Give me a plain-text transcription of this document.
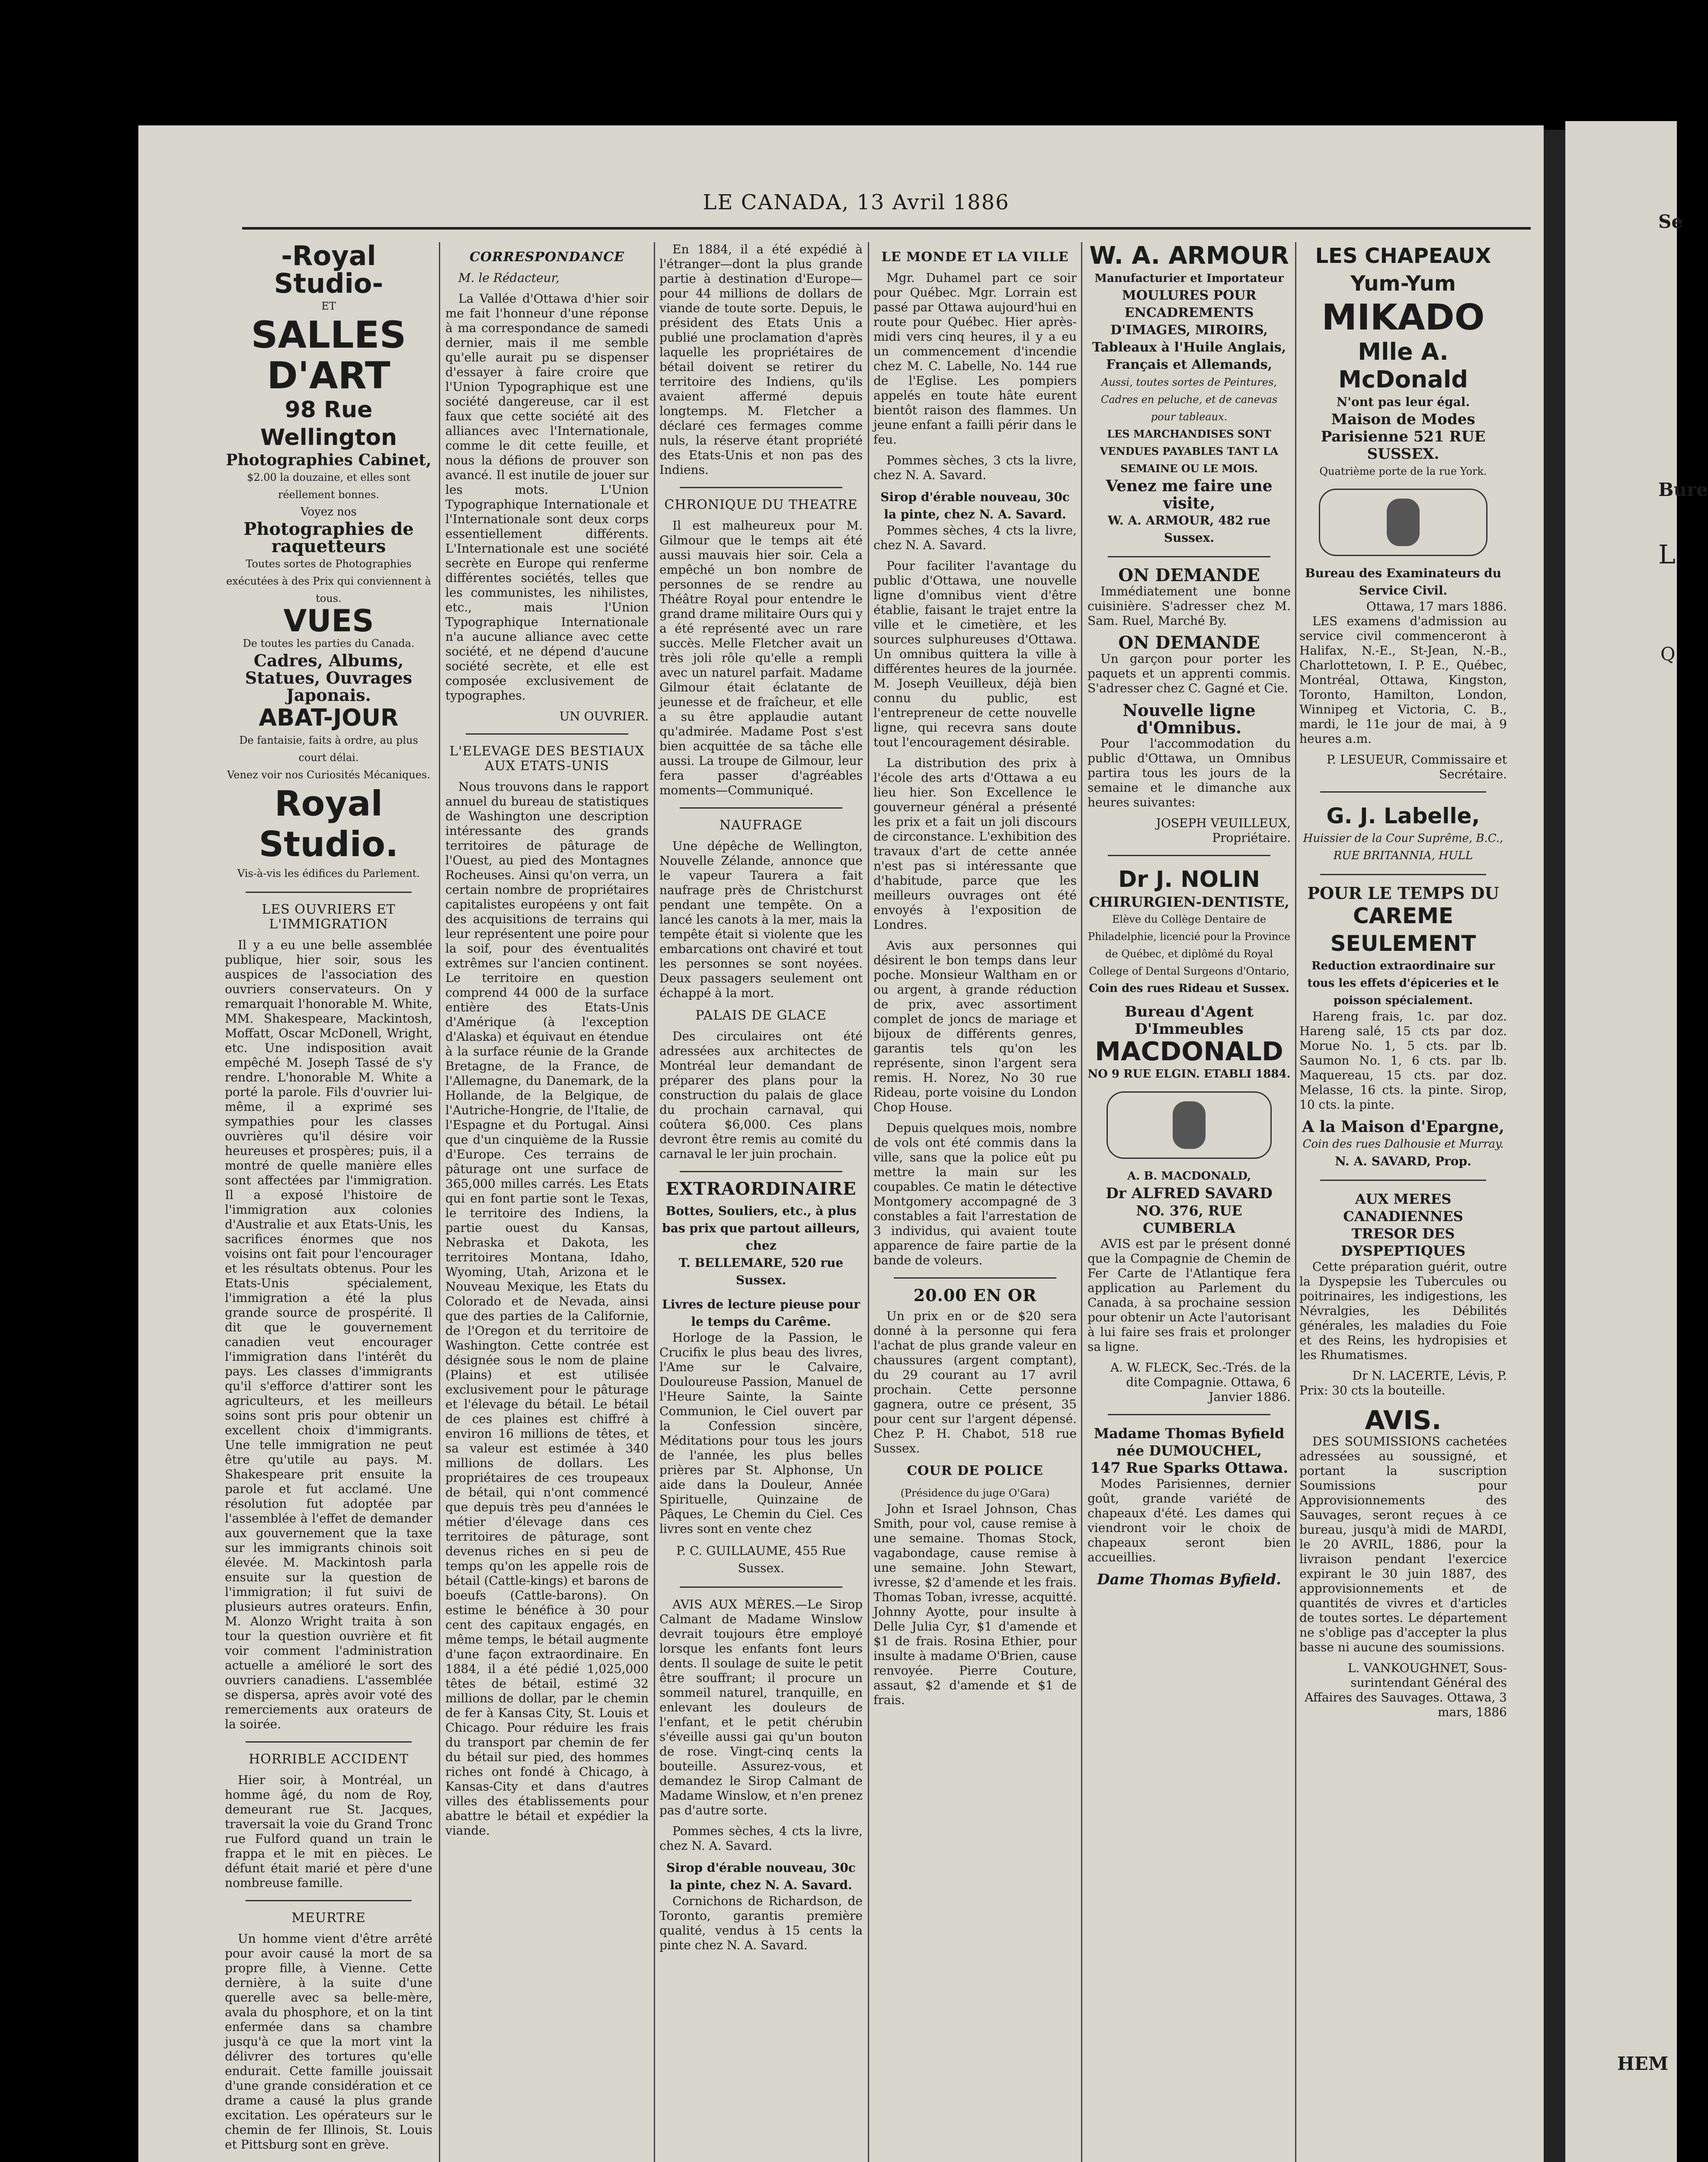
LE CANADA, 13 Avril 1886
-Royal Studio-
ET
SALLES D'ART
98 Rue Wellington
Photographies Cabinet,
$2.00 la douzaine, et elles sont réellement bonnes.
Voyez nos
Photographies de raquetteurs
Toutes sortes de Photographies exécutées à des Prix qui conviennent à tous.
VUES
De toutes les parties du Canada.
Cadres, Albums, Statues, Ouvrages Japonais.
ABAT-JOUR
De fantaisie, faits à ordre, au plus court délai.
Venez voir nos Curiosités Mécaniques.
Royal Studio.
Vis-à-vis les édifices du Parlement.
LES OUVRIERS ET L'IMMIGRATION

Il y a eu une belle assemblée publique, hier soir, sous les auspices de l'association des ouvriers conservateurs. On y remarquait l'honorable M. White, MM. Shakespeare, Mackintosh, Moffatt, Oscar McDonell, Wright, etc. Une indisposition avait empêché M. Joseph Tassé de s'y rendre. L'honorable M. White a porté la parole. Fils d'ouvrier lui-même, il a exprimé ses sympathies pour les classes ouvrières qu'il désire voir heureuses et prospères; puis, il a montré de quelle manière elles sont affectées par l'immigration. Il a exposé l'histoire de l'immigration aux colonies d'Australie et aux Etats-Unis, les sacrifices énormes que nos voisins ont fait pour l'encourager et les résultats obtenus. Pour les Etats-Unis spécialement, l'immigration a été la plus grande source de prospérité. Il dit que le gouvernement canadien veut encourager l'immigration dans l'intérêt du pays. Les classes d'immigrants qu'il s'efforce d'attirer sont les agriculteurs, et les meilleurs soins sont pris pour obtenir un excellent choix d'immigrants. Une telle immigration ne peut être qu'utile au pays. M. Shakespeare prit ensuite la parole et fut acclamé. Une résolution fut adoptée par l'assemblée à l'effet de demander aux gouvernement que la taxe sur les immigrants chinois soit élevée. M. Mackintosh parla ensuite sur la question de l'immigration; il fut suivi de plusieurs autres orateurs. Enfin, M. Alonzo Wright traita à son tour la question ouvrière et fit voir comment l'administration actuelle a amélioré le sort des ouvriers canadiens. L'assemblée se dispersa, après avoir voté des remerciements aux orateurs de la soirée.

HORRIBLE ACCIDENT

Hier soir, à Montréal, un homme âgé, du nom de Roy, demeurant rue St. Jacques, traversait la voie du Grand Tronc rue Fulford quand un train le frappa et le mit en pièces. Le défunt était marié et père d'une nombreuse famille.

MEURTRE

Un homme vient d'être arrêté pour avoir causé la mort de sa propre fille, à Vienne. Cette dernière, à la suite d'une querelle avec sa belle-mère, avala du phosphore, et on la tint enfermée dans sa chambre jusqu'à ce que la mort vint la délivrer des tortures qu'elle endurait. Cette famille jouissait d'une grande considération et ce drame a causé la plus grande excitation. Les opérateurs sur le chemin de fer Illinois, St. Louis et Pittsburg sont en grève.

CORRESPONDANCE

M. le Rédacteur,

La Vallée d'Ottawa d'hier soir me fait l'honneur d'une réponse à ma correspondance de samedi dernier, mais il me semble qu'elle aurait pu se dispenser d'essayer à faire croire que l'Union Typographique est une société dangereuse, car il est faux que cette société ait des alliances avec l'Internationale, comme le dit cette feuille, et nous la défions de prouver son avancé. Il est inutile de jouer sur les mots. L'Union Typographique Internationale et l'Internationale sont deux corps essentiellement différents. L'Internationale est une société secrète en Europe qui renferme différentes sociétés, telles que les communistes, les nihilistes, etc., mais l'Union Typographique Internationale n'a aucune alliance avec cette société, et ne dépend d'aucune société secrète, et elle est composée exclusivement de typographes.

UN OUVRIER.
L'ELEVAGE DES BESTIAUX AUX ETATS-UNIS

Nous trouvons dans le rapport annuel du bureau de statistiques de Washington une description intéressante des grands territoires de pâturage de l'Ouest, au pied des Montagnes Rocheuses. Ainsi qu'on verra, un certain nombre de propriétaires capitalistes européens y ont fait des acquisitions de terrains qui leur représentent une poire pour la soif, pour des éventualités extrêmes sur l'ancien continent. Le territoire en question comprend 44 000 de la surface entière des Etats-Unis d'Amérique (à l'exception d'Alaska) et équivaut en étendue à la surface réunie de la Grande Bretagne, de la France, de l'Allemagne, du Danemark, de la Hollande, de la Belgique, de l'Autriche-Hongrie, de l'Italie, de l'Espagne et du Portugal. Ainsi que d'un cinquième de la Russie d'Europe. Ces terrains de pâturage ont une surface de 365,000 milles carrés. Les Etats qui en font partie sont le Texas, le territoire des Indiens, la partie ouest du Kansas, Nebraska et Dakota, les territoires Montana, Idaho, Wyoming, Utah, Arizona et le Nouveau Mexique, les Etats du Colorado et de Nevada, ainsi que des parties de la Californie, de l'Oregon et du territoire de Washington. Cette contrée est désignée sous le nom de plaine (Plains) et est utilisée exclusivement pour le pâturage et l'élevage du bétail. Le bétail de ces plaines est chiffré à environ 16 millions de têtes, et sa valeur est estimée à 340 millions de dollars. Les propriétaires de ces troupeaux de bétail, qui n'ont commencé que depuis très peu d'années le métier d'élevage dans ces territoires de pâturage, sont devenus riches en si peu de temps qu'on les appelle rois de bétail (Cattle-kings) et barons de boeufs (Cattle-barons). On estime le bénéfice à 30 pour cent des capitaux engagés, en même temps, le bétail augmente d'une façon extraordinaire. En 1884, il a été pédié 1,025,000 têtes de bétail, estimé 32 millions de dollar, par le chemin de fer à Kansas City, St. Louis et Chicago. Pour réduire les frais du transport par chemin de fer du bétail sur pied, des hommes riches ont fondé à Chicago, à Kansas-City et dans d'autres villes des établissements pour abattre le bétail et expédier la viande.

En 1884, il a été expédié à l'étranger—dont la plus grande partie à destination d'Europe—pour 44 millions de dollars de viande de toute sorte. Depuis, le président des Etats Unis a publié une proclamation d'après laquelle les propriétaires de bétail doivent se retirer du territoire des Indiens, qu'ils avaient affermé depuis longtemps. M. Fletcher a déclaré ces fermages comme nuls, la réserve étant propriété des Etats-Unis et non pas des Indiens.

CHRONIQUE DU THEATRE

Il est malheureux pour M. Gilmour que le temps ait été aussi mauvais hier soir. Cela a empêché un bon nombre de personnes de se rendre au Théâtre Royal pour entendre le grand drame militaire Ours qui y a été représenté avec un rare succès. Melle Fletcher avait un très joli rôle qu'elle a rempli avec un naturel parfait. Madame Gilmour était éclatante de jeunesse et de fraîcheur, et elle a su être applaudie autant qu'admirée. Madame Post s'est bien acquittée de sa tâche elle aussi. La troupe de Gilmour, leur fera passer d'agréables moments—Communiqué.

NAUFRAGE

Une dépêche de Wellington, Nouvelle Zélande, annonce que le vapeur Taurera a fait naufrage près de Christchurst pendant une tempête. On a lancé les canots à la mer, mais la tempête était si violente que les embarcations ont chaviré et tout les personnes se sont noyées. Deux passagers seulement ont échappé à la mort.

PALAIS DE GLACE

Des circulaires ont été adressées aux architectes de Montréal leur demandant de préparer des plans pour la construction du palais de glace du prochain carnaval, qui coûtera $6,000. Ces plans devront être remis au comité du carnaval le ler juin prochain.

EXTRAORDINAIRE
Bottes, Souliers, etc., à plus bas prix que partout ailleurs, chez
T. BELLEMARE, 520 rue Sussex.
Livres de lecture pieuse pour le temps du Carême.

Horloge de la Passion, le Crucifix le plus beau des livres, l'Ame sur le Calvaire, Douloureuse Passion, Manuel de l'Heure Sainte, la Sainte Communion, le Ciel ouvert par la Confession sincère, Méditations pour tous les jours de l'année, les plus belles prières par St. Alphonse, Un aide dans la Douleur, Année Spirituelle, Quinzaine de Pâques, Le Chemin du Ciel. Ces livres sont en vente chez

P. C. GUILLAUME, 455 Rue Sussex.

AVIS AUX MÈRES.—Le Sirop Calmant de Madame Winslow devrait toujours être employé lorsque les enfants font leurs dents. Il soulage de suite le petit être souffrant; il procure un sommeil naturel, tranquille, en enlevant les douleurs de l'enfant, et le petit chérubin s'éveille aussi gai qu'un bouton de rose. Vingt-cinq cents la bouteille. Assurez-vous, et demandez le Sirop Calmant de Madame Winslow, et n'en prenez pas d'autre sorte.

Pommes sèches, 4 cts la livre, chez N. A. Savard.

Sirop d'érable nouveau, 30c la pinte, chez N. A. Savard.

Cornichons de Richardson, de Toronto, garantis première qualité, vendus à 15 cents la pinte chez N. A. Savard.

LE MONDE ET LA VILLE

Mgr. Duhamel part ce soir pour Québec. Mgr. Lorrain est passé par Ottawa aujourd'hui en route pour Québec. Hier après-midi vers cinq heures, il y a eu un commencement d'incendie chez M. C. Labelle, No. 144 rue de l'Eglise. Les pompiers appelés en toute hâte eurent bientôt raison des flammes. Un jeune enfant a failli périr dans le feu.

Pommes sèches, 3 cts la livre, chez N. A. Savard.

Sirop d'érable nouveau, 30c la pinte, chez N. A. Savard.

Pommes sèches, 4 cts la livre, chez N. A. Savard.

Pour faciliter l'avantage du public d'Ottawa, une nouvelle ligne d'omnibus vient d'être établie, faisant le trajet entre la ville et le cimetière, et les sources sulphureuses d'Ottawa. Un omnibus quittera la ville à différentes heures de la journée. M. Joseph Veuilleux, déjà bien connu du public, est l'entrepreneur de cette nouvelle ligne, qui recevra sans doute tout l'encouragement désirable.

La distribution des prix à l'école des arts d'Ottawa a eu lieu hier. Son Excellence le gouverneur général a présenté les prix et a fait un joli discours de circonstance. L'exhibition des travaux d'art de cette année n'est pas si intéressante que d'habitude, parce que les meilleurs ouvrages ont été envoyés à l'exposition de Londres.

Avis aux personnes qui désirent le bon temps dans leur poche. Monsieur Waltham en or ou argent, à grande réduction de prix, avec assortiment complet de joncs de mariage et bijoux de différents genres, garantis tels qu'on les représente, sinon l'argent sera remis. H. Norez, No 30 rue Rideau, porte voisine du London Chop House.

Depuis quelques mois, nombre de vols ont été commis dans la ville, sans que la police eût pu mettre la main sur les coupables. Ce matin le détective Montgomery accompagné de 3 constables a fait l'arrestation de 3 individus, qui avaient toute apparence de faire partie de la bande de voleurs.

20.00 EN OR

Un prix en or de $20 sera donné à la personne qui fera l'achat de plus grande valeur en chaussures (argent comptant), du 29 courant au 17 avril prochain. Cette personne gagnera, outre ce présent, 35 pour cent sur l'argent dépensé. Chez P. H. Chabot, 518 rue Sussex.

COUR DE POLICE
(Présidence du juge O'Gara)

John et Israel Johnson, Chas Smith, pour vol, cause remise à une semaine. Thomas Stock, vagabondage, cause remise à une semaine. John Stewart, ivresse, $2 d'amende et les frais. Thomas Toban, ivresse, acquitté. Johnny Ayotte, pour insulte à Delle Julia Cyr, $1 d'amende et $1 de frais. Rosina Ethier, pour insulte à madame O'Brien, cause renvoyée. Pierre Couture, assaut, $2 d'amende et $1 de frais.

W. A. ARMOUR
Manufacturier et Importateur
MOULURES POUR ENCADREMENTS D'IMAGES, MIROIRS, Tableaux à l'Huile Anglais, Français et Allemands,
Aussi, toutes sortes de Peintures, Cadres en peluche, et de canevas pour tableaux.
LES MARCHANDISES SONT VENDUES PAYABLES TANT LA SEMAINE OU LE MOIS.
Venez me faire une visite,
W. A. ARMOUR, 482 rue Sussex.
ON DEMANDE

Immédiatement une bonne cuisinière. S'adresser chez M. Sam. Ruel, Marché By.

ON DEMANDE

Un garçon pour porter les paquets et un apprenti commis. S'adresser chez C. Gagné et Cie.

Nouvelle ligne d'Omnibus.

Pour l'accommodation du public d'Ottawa, un Omnibus partira tous les jours de la semaine et le dimanche aux heures suivantes:

JOSEPH VEUILLEUX, Propriétaire.
Dr J. NOLIN
CHIRURGIEN-DENTISTE,
Elève du Collège Dentaire de Philadelphie, licencié pour la Province de Québec, et diplômé du Royal College of Dental Surgeons d'Ontario,
Coin des rues Rideau et Sussex.
Bureau d'Agent D'Immeubles
MACDONALD
NO 9 RUE ELGIN. ETABLI 1884.
A. B. MACDONALD,
Dr ALFRED SAVARD
NO. 376, RUE CUMBERLA

AVIS est par le présent donné que la Compagnie de Chemin de Fer Carte de l'Atlantique fera application au Parlement du Canada, à sa prochaine session pour obtenir un Acte l'autorisant à lui faire ses frais et prolonger sa ligne.

A. W. FLECK, Sec.-Trés. de la dite Compagnie. Ottawa, 6 Janvier 1886.
Madame Thomas Byfield née DUMOUCHEL,
147 Rue Sparks Ottawa.

Modes Parisiennes, dernier goût, grande variété de chapeaux d'été. Les dames qui viendront voir le choix de chapeaux seront bien accueillies.

Dame Thomas Byfield.
LES CHAPEAUX Yum-Yum
MIKADO
Mlle A. McDonald
N'ont pas leur égal.
Maison de Modes Parisienne 521 RUE SUSSEX.
Quatrième porte de la rue York.
Bureau des Examinateurs du Service Civil.
Ottawa, 17 mars 1886.

LES examens d'admission au service civil commenceront à Halifax, N.-E., St-Jean, N.-B., Charlottetown, I. P. E., Québec, Montréal, Ottawa, Kingston, Toronto, Hamilton, London, Winnipeg et Victoria, C. B., mardi, le 11e jour de mai, à 9 heures a.m.

P. LESUEUR, Commissaire et Secrétaire.
G. J. Labelle,
Huissier de la Cour Suprême, B.C., RUE BRITANNIA, HULL
POUR LE TEMPS DU
CAREME SEULEMENT
Reduction extraordinaire sur tous les effets d'épiceries et le poisson spécialement.

Hareng frais, 1c. par doz. Hareng salé, 15 cts par doz. Morue No. 1, 5 cts. par lb. Saumon No. 1, 6 cts. par lb. Maquereau, 15 cts. par doz. Melasse, 16 cts. la pinte. Sirop, 10 cts. la pinte.

A la Maison d'Epargne,
Coin des rues Dalhousie et Murray.
N. A. SAVARD, Prop.
AUX MERES CANADIENNES
TRESOR DES DYSPEPTIQUES

Cette préparation guérit, outre la Dyspepsie les Tubercules ou poitrinaires, les indigestions, les Névralgies, les Débilités générales, les maladies du Foie et des Reins, les hydropisies et les Rhumatismes.

Dr N. LACERTE, Lévis, P.
Prix: 30 cts la bouteille.
AVIS.

DES SOUMISSIONS cachetées adressées au soussigné, et portant la suscription Soumissions pour Approvisionnements des Sauvages, seront reçues à ce bureau, jusqu'à midi de MARDI, le 20 AVRIL, 1886, pour la livraison pendant l'exercice expirant le 30 juin 1887, des approvisionnements et de quantités de vivres et d'articles de toutes sortes. Le département ne s'oblige pas d'accepter la plus basse ni aucune des soumissions.

L. VANKOUGHNET, Sous-surintendant Général des Affaires des Sauvages. Ottawa, 3 mars, 1886
Se
Bure
L
Q
HEM
